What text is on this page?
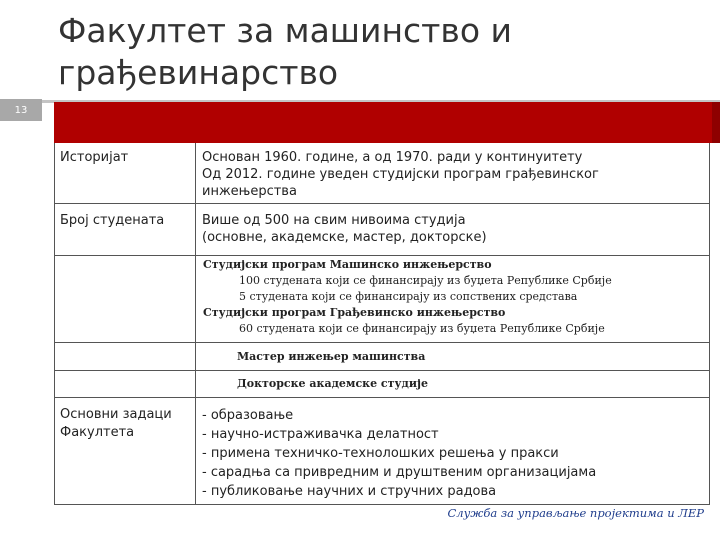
13
Факултет за машинство и
грађевинарство
Историјат	Основан 1960. године, а од 1970. ради у континуитету
Од 2012. године уведен студијски програм грађевинског
инжењерства
Број студената	Више од 500 на свим нивоима студија
(основне, академске, мастер, докторске)
Студијски програм Машинско инжењерство
100 студената који се финансирају из буџета Републике Србије
5 студената који се финансирају из сопствених средстава
Студијски програм Грађевинско инжењерство
60 студената који се финансирају из буџета Републике Србије
Мастер инжењер машинства
Докторске академске студије
Основни задаци
Факултета
- образовање
- научно-истраживачка делатност
- примена техничко-технолошких решења у пракси
- сарадња са привредним и друштвеним организацијама
- публиковање научних и стручних радова
Служба за управљање пројектима и ЛЕР
